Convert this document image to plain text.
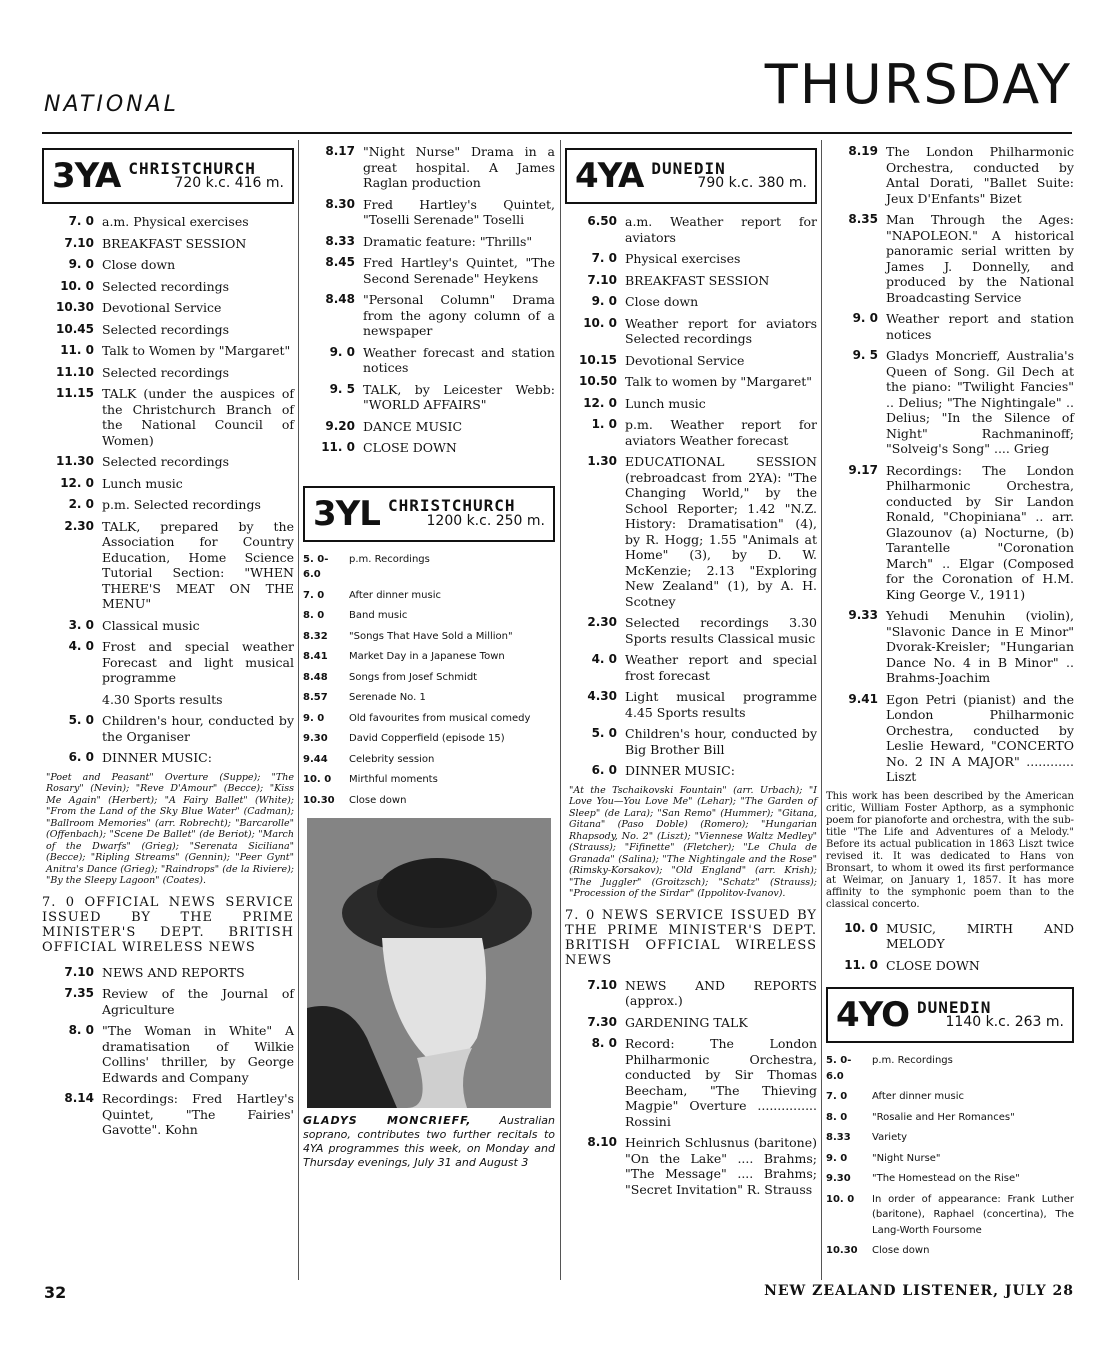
NATIONAL	THURSDAY
3YA CHRISTCHURCH
720 k.c. 416 m.
7. 0 a.m. Physical exercises
7.10 BREAKFAST SESSION
9. 0 Close down
10. 0 Selected recordings
10.30 Devotional Service
10.45 Selected recordings
11. 0 Talk to Women by "Margaret"
11.10 Selected recordings
11.15 TALK (under the auspices of the Christchurch Branch of the National Council of Women)
11.30 Selected recordings
12. 0 Lunch music
2. 0 p.m. Selected recordings
2.30 TALK, prepared by the Association for Country Education, Home Science Tutorial Section: "WHEN THERE'S MEAT ON THE MENU"
3. 0 Classical music
4. 0 Frost and special weather Forecast and light musical programme
4.30 Sports results
5. 0 Children's hour, conducted by the Organiser
6. 0 DINNER MUSIC:
"Poet and Peasant" Overture (Suppe); "The Rosary" (Nevin); "Reve D'Amour" (Becce); "Kiss Me Again" (Herbert); "A Fairy Ballet" (White); "From the Land of the Sky Blue Water" (Cadman); "Ballroom Memories" (arr. Robrecht); "Barcarolle" (Offenbach); "Scene De Ballet" (de Beriot); "March of the Dwarfs" (Grieg); "Serenata Siciliana" (Becce); "Ripling Streams" (Gennin); "Peer Gynt" Anitra's Dance (Grieg); "Raindrops" (de la Riviere); "By the Sleepy Lagoon" (Coates).
7. 0 OFFICIAL NEWS SERVICE ISSUED BY THE PRIME MINISTER'S DEPT. BRITISH OFFICIAL WIRELESS NEWS
7.10 NEWS AND REPORTS
7.35 Review of the Journal of Agriculture
8. 0 "The Woman in White" A dramatisation of Wilkie Collins' thriller, by George Edwards and Company
8.14 Recordings: Fred Hartley's Quintet, "The Fairies' Gavotte". Kohn
8.17 "Night Nurse" Drama in a great hospital. A James Raglan production
8.30 Fred Hartley's Quintet, "Toselli Serenade" Toselli
8.33 Dramatic feature: "Thrills"
8.45 Fred Hartley's Quintet, "The Second Serenade" Heykens
8.48 "Personal Column" Drama from the agony column of a newspaper
9. 0 Weather forecast and station notices
9. 5 TALK, by Leicester Webb: "WORLD AFFAIRS"
9.20 DANCE MUSIC
11. 0 CLOSE DOWN
3YL CHRISTCHURCH
1200 k.c. 250 m.
5. 0-6.0
p.m. Recordings
7. 0	After dinner music
8. 0	Band music
8.32	"Songs That Have Sold a Million"
8.41	Market Day in a Japanese Town
8.48	Songs from Josef Schmidt
8.57	Serenade No. 1
9. 0	Old favourites from musical comedy
9.30	David Copperfield (episode 15)
9.44	Celebrity session
10. 0	Mirthful moments
10.30	Close down
GLADYS MONCRIEFF,	Australian soprano, contributes two further recitals to 4YA programmes this week, on Monday and Thursday evenings, July 31 and August 3
4YA DUNEDIN
790 k.c. 380 m.
6.50 a.m. Weather report for aviators
7. 0 Physical exercises
7.10 BREAKFAST SESSION
9. 0 Close down
10. 0 Weather report for aviators Selected recordings
10.15 Devotional Service
10.50 Talk to women by "Margaret"
12. 0 Lunch music
1. 0 p.m. Weather report for aviators Weather forecast
1.30 EDUCATIONAL SESSION (rebroadcast from 2YA): "The Changing World," by the School Reporter; 1.42 "N.Z. History: Dramatisation" (4), by R. Hogg; 1.55 "Animals at Home" (3), by D. W. McKenzie; 2.13 "Exploring New Zealand" (1), by A. H. Scotney
2.30 Selected recordings 3.30 Sports results Classical music
4. 0 Weather report and special frost forecast
4.30 Light musical programme 4.45 Sports results
5. 0 Children's hour, conducted by Big Brother Bill
6. 0 DINNER MUSIC:
"At the Tschaikovski Fountain" (arr. Urbach); "I Love You—You Love Me" (Lehar); "The Garden of Sleep" (de Lara); "San Remo" (Hummer); "Gitana, Gitana" (Paso Doble) (Romero); "Hungarian Rhapsody, No. 2" (Liszt); "Viennese Waltz Medley" (Strauss); "Fifinette" (Fletcher); "Le Chula de Granada" (Salina); "The Nightingale and the Rose" (Rimsky-Korsakov); "Old England" (arr. Krish); "The Juggler" (Groitzsch); "Schatz" (Strauss); "Procession of the Sirdar" (Ippolitov-Ivanov).
7. 0 NEWS SERVICE ISSUED BY THE PRIME MINISTER'S DEPT. BRITISH OFFICIAL WIRELESS NEWS
7.10 NEWS AND REPORTS (approx.)
7.30 GARDENING TALK
8. 0 Record: The London Philharmonic Orchestra, conducted by Sir Thomas Beecham, "The Thieving Magpie" Overture ............... Rossini
8.10 Heinrich Schlusnus (baritone) "On the Lake" .... Brahms; "The Message" .... Brahms; "Secret Invitation" R. Strauss
8.19 The London Philharmonic Orchestra, conducted by Antal Dorati, "Ballet Suite: Jeux D'Enfants" Bizet
8.35 Man Through the Ages: "NAPOLEON." A historical panoramic serial written by James J. Donnelly, and produced by the National Broadcasting Service
9. 0 Weather report and station notices
9. 5 Gladys Moncrieff, Australia's Queen of Song. Gil Dech at the piano: "Twilight Fancies" .. Delius; "The Nightingale" .. Delius; "In the Silence of Night" Rachmaninoff; "Solveig's Song" .... Grieg
9.17 Recordings: The London Philharmonic Orchestra, conducted by Sir Landon Ronald, "Chopiniana" .. arr. Glazounov (a) Nocturne, (b) Tarantelle "Coronation March" .. Elgar (Composed for the Coronation of H.M. King George V., 1911)
9.33 Yehudi Menuhin (violin), "Slavonic Dance in E Minor" Dvorak-Kreisler; "Hungarian Dance No. 4 in B Minor" .. Brahms-Joachim
9.41 Egon Petri (pianist) and the London Philharmonic Orchestra, conducted by Leslie Heward, "CONCERTO No. 2 IN A MAJOR" ............ Liszt
This work has been described by the American critic, William Foster Apthorp, as a symphonic poem for pianoforte and orchestra, with the sub-title "The Life and Adventures of a Melody." Before its actual publication in 1863 Liszt twice revised it. It was dedicated to Hans von Bronsart, to whom it owed its first performance at Weimar, on January 1, 1857. It has more affinity to the symphonic poem than to the classical concerto.
10. 0 MUSIC, MIRTH AND MELODY
11. 0 CLOSE DOWN
4YO DUNEDIN
1140 k.c. 263 m.
5. 0-6.0
p.m. Recordings
7. 0	After dinner music
8. 0	"Rosalie and Her Romances"
8.33	Variety
9. 0	"Night Nurse"
9.30	"The Homestead on the Rise"
10. 0	In order of appearance: Frank Luther (baritone), Raphael (concertina), The Lang-Worth Foursome
10.30	Close down
32	NEW ZEALAND LISTENER, JULY 28
